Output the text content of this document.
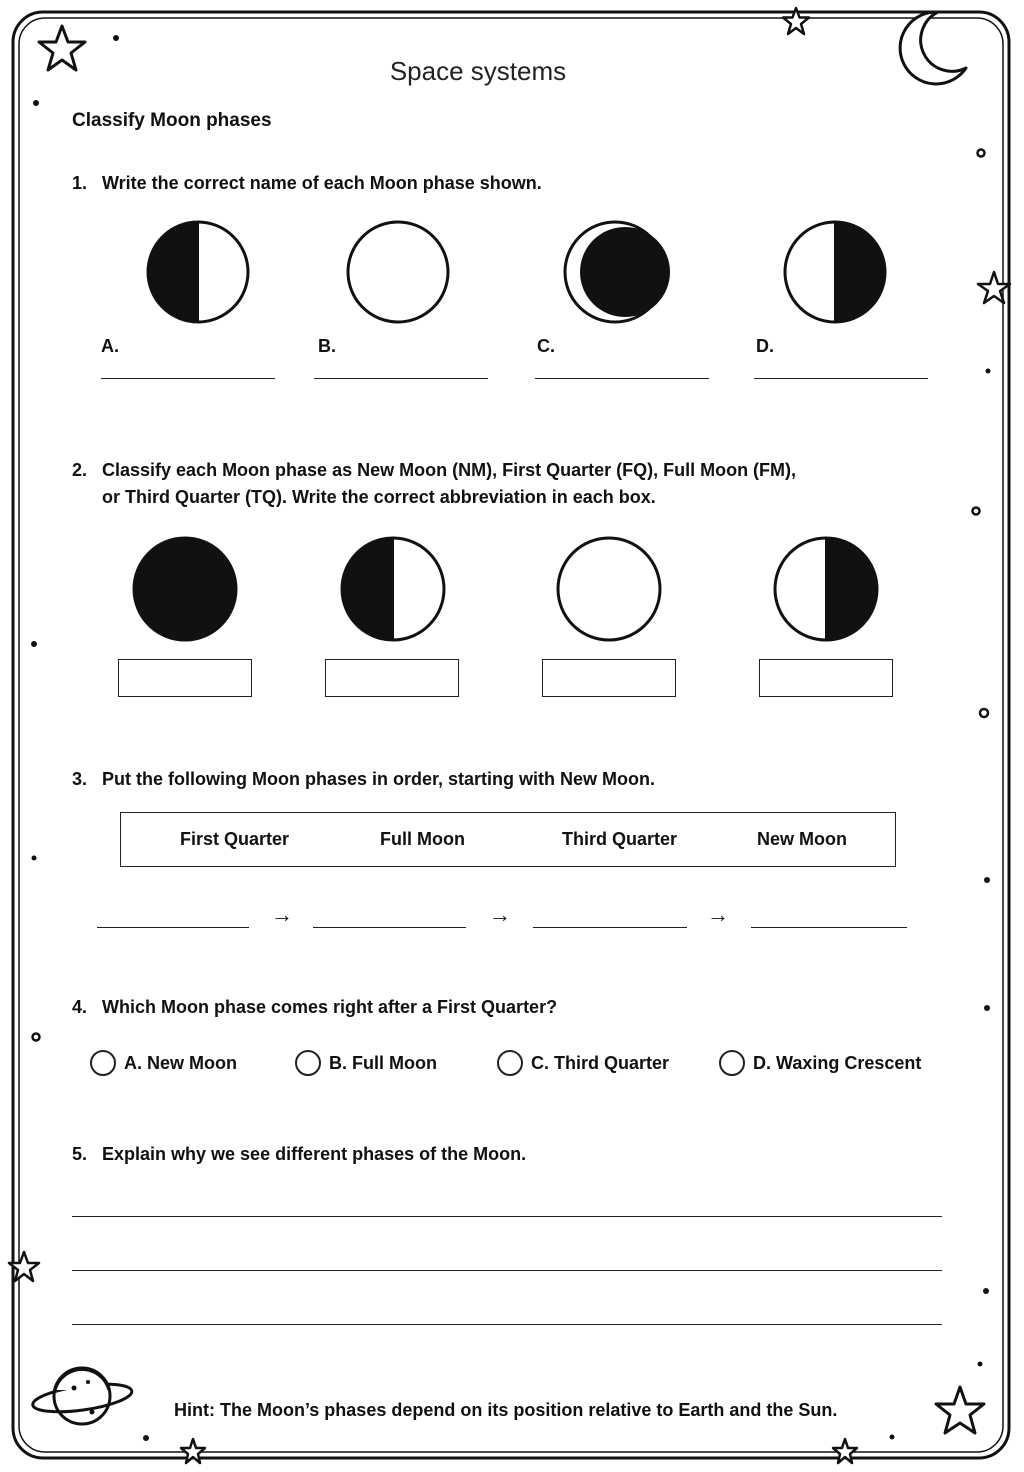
Space systems
Classify Moon phases
1. Write the correct name of each Moon phase shown.
A.	B.	C.	D.
2. Classify each Moon phase as New Moon (NM), First Quarter (FQ), Full Moon (FM),
or Third Quarter (TQ). Write the correct abbreviation in each box.
3. Put the following Moon phases in order, starting with New Moon.
First Quarter	Full Moon	Third Quarter	New Moon
→	→	→
4. Which Moon phase comes right after a First Quarter?
A. New Moon	B. Full Moon	C. Third Quarter	D. Waxing Crescent
5. Explain why we see different phases of the Moon.
Hint: The Moon’s phases depend on its position relative to Earth and the Sun.
